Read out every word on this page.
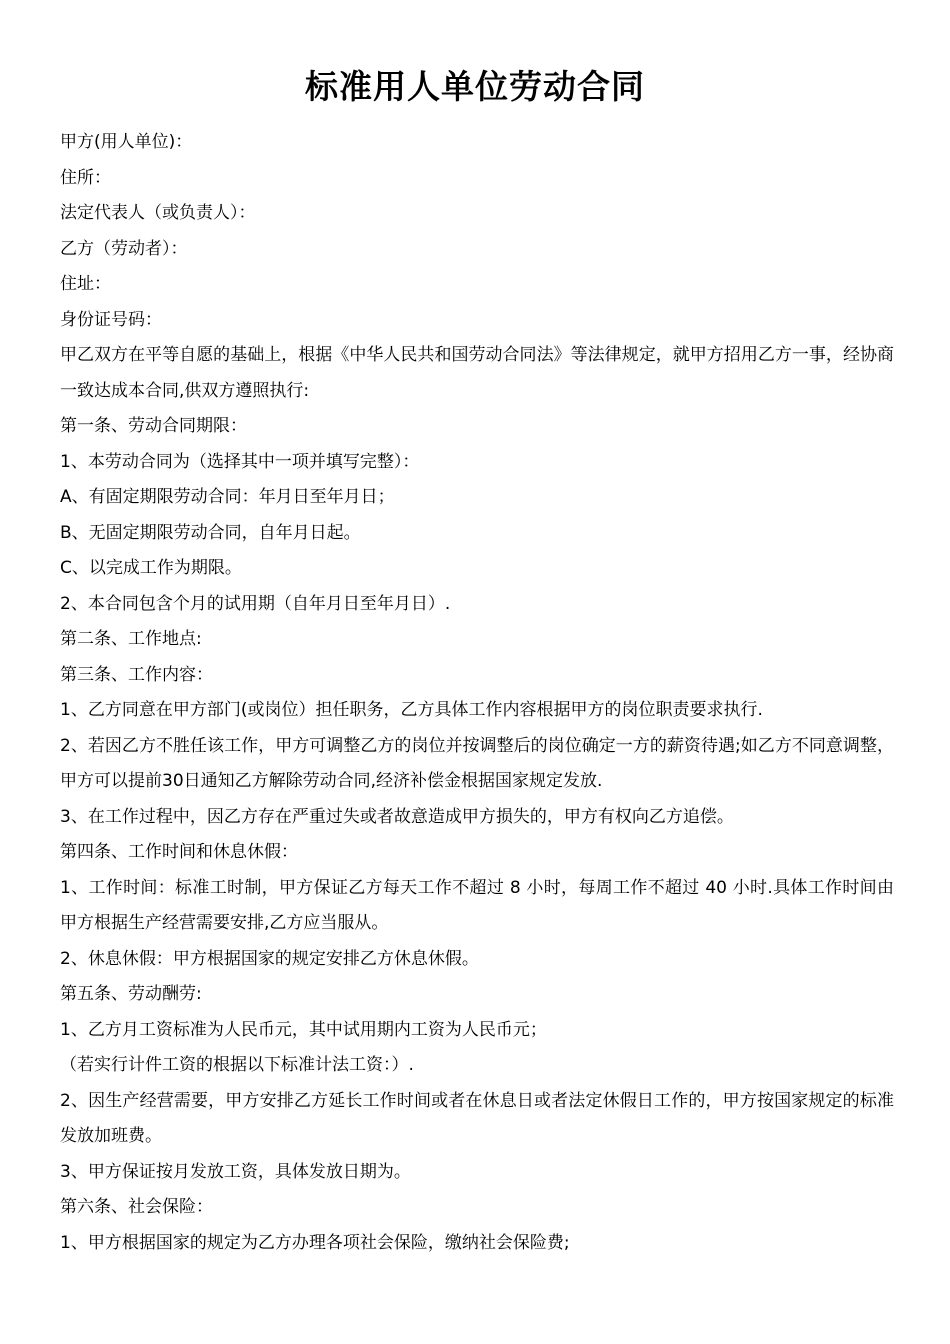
标准用人单位劳动合同
甲方(用人单位)：
住所：
法定代表人（或负责人）：
乙方（劳动者）：
住址：
身份证号码：
甲乙双方在平等自愿的基础上，根据《中华人民共和国劳动合同法》等法律规定，就甲方招用乙方一事，经协商一致达成本合同,供双方遵照执行:
第一条、劳动合同期限：
1、本劳动合同为（选择其中一项并填写完整）：
A、有固定期限劳动合同：年月日至年月日；
B、无固定期限劳动合同，自年月日起。
C、以完成工作为期限。
2、本合同包含个月的试用期（自年月日至年月日）.
第二条、工作地点:
第三条、工作内容：
1、乙方同意在甲方部门(或岗位）担任职务，乙方具体工作内容根据甲方的岗位职责要求执行.
2、若因乙方不胜任该工作，甲方可调整乙方的岗位并按调整后的岗位确定一方的薪资待遇;如乙方不同意调整，甲方可以提前30日通知乙方解除劳动合同,经济补偿金根据国家规定发放.
3、在工作过程中，因乙方存在严重过失或者故意造成甲方损失的，甲方有权向乙方追偿。
第四条、工作时间和休息休假：
1、工作时间：标准工时制，甲方保证乙方每天工作不超过 8 小时，每周工作不超过 40 小时.具体工作时间由甲方根据生产经营需要安排,乙方应当服从。
2、休息休假：甲方根据国家的规定安排乙方休息休假。
第五条、劳动酬劳:
1、乙方月工资标准为人民币元，其中试用期内工资为人民币元；
（若实行计件工资的根据以下标准计法工资：）.
2、因生产经营需要，甲方安排乙方延长工作时间或者在休息日或者法定休假日工作的，甲方按国家规定的标准发放加班费。
3、甲方保证按月发放工资，具体发放日期为。
第六条、社会保险：
1、甲方根据国家的规定为乙方办理各项社会保险，缴纳社会保险费;
